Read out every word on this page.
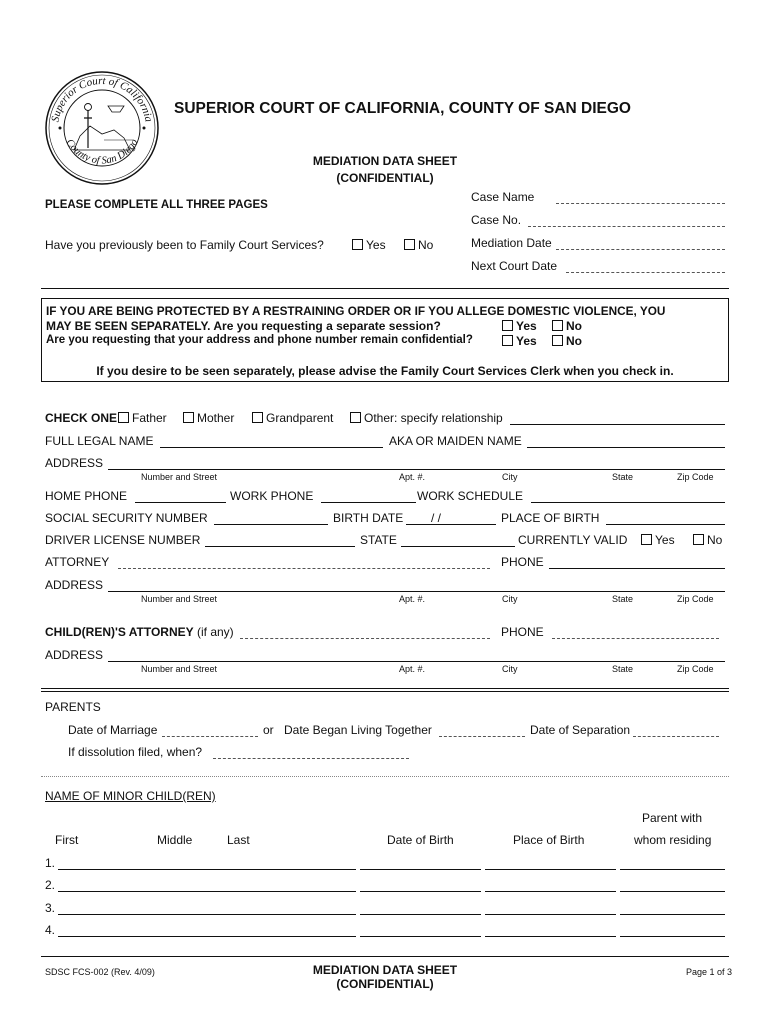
Superior Court of California
County of San Diego
SUPERIOR COURT OF CALIFORNIA, COUNTY OF SAN DIEGO
MEDIATION DATA SHEET
(CONFIDENTIAL)
Case Name
Case No.
Mediation Date
Next Court Date
PLEASE COMPLETE ALL THREE PAGES
Have you previously been to Family Court Services?	Yes	No
IF YOU ARE BEING PROTECTED BY A RESTRAINING ORDER OR IF YOU ALLEGE DOMESTIC VIOLENCE, YOU
MAY BE SEEN SEPARATELY. Are you requesting a separate session?	Yes	No
Are you requesting that your address and phone number remain confidential?	Yes	No
If you desire to be seen separately, please advise the Family Court Services Clerk when you check in.
CHECK ONE	Father	Mother	Grandparent	Other: specify relationship
FULL LEGAL NAME	AKA OR MAIDEN NAME
ADDRESS
Number and Street	Apt. #.	City	State	Zip Code
HOME PHONE	WORK PHONE	WORK SCHEDULE
SOCIAL SECURITY NUMBER	BIRTH DATE / /	PLACE OF BIRTH
DRIVER LICENSE NUMBER	STATE	CURRENTLY VALID	Yes	No
ATTORNEY	PHONE
ADDRESS
Number and Street	Apt. #.	City	State	Zip Code
CHILD(REN)'S ATTORNEY (if any)	PHONE
ADDRESS
Number and Street	Apt. #.	City	State	Zip Code
PARENTS
Date of Marriage	or Date Began Living Together	Date of Separation
If dissolution filed, when?
NAME OF MINOR CHILD(REN)
Parent with
First	Middle	Last	Date of Birth	Place of Birth	whom residing
1.
2.
3.
4.
SDSC FCS-002 (Rev. 4/09)	MEDIATION DATA SHEET
(CONFIDENTIAL)
Page 1 of 3
